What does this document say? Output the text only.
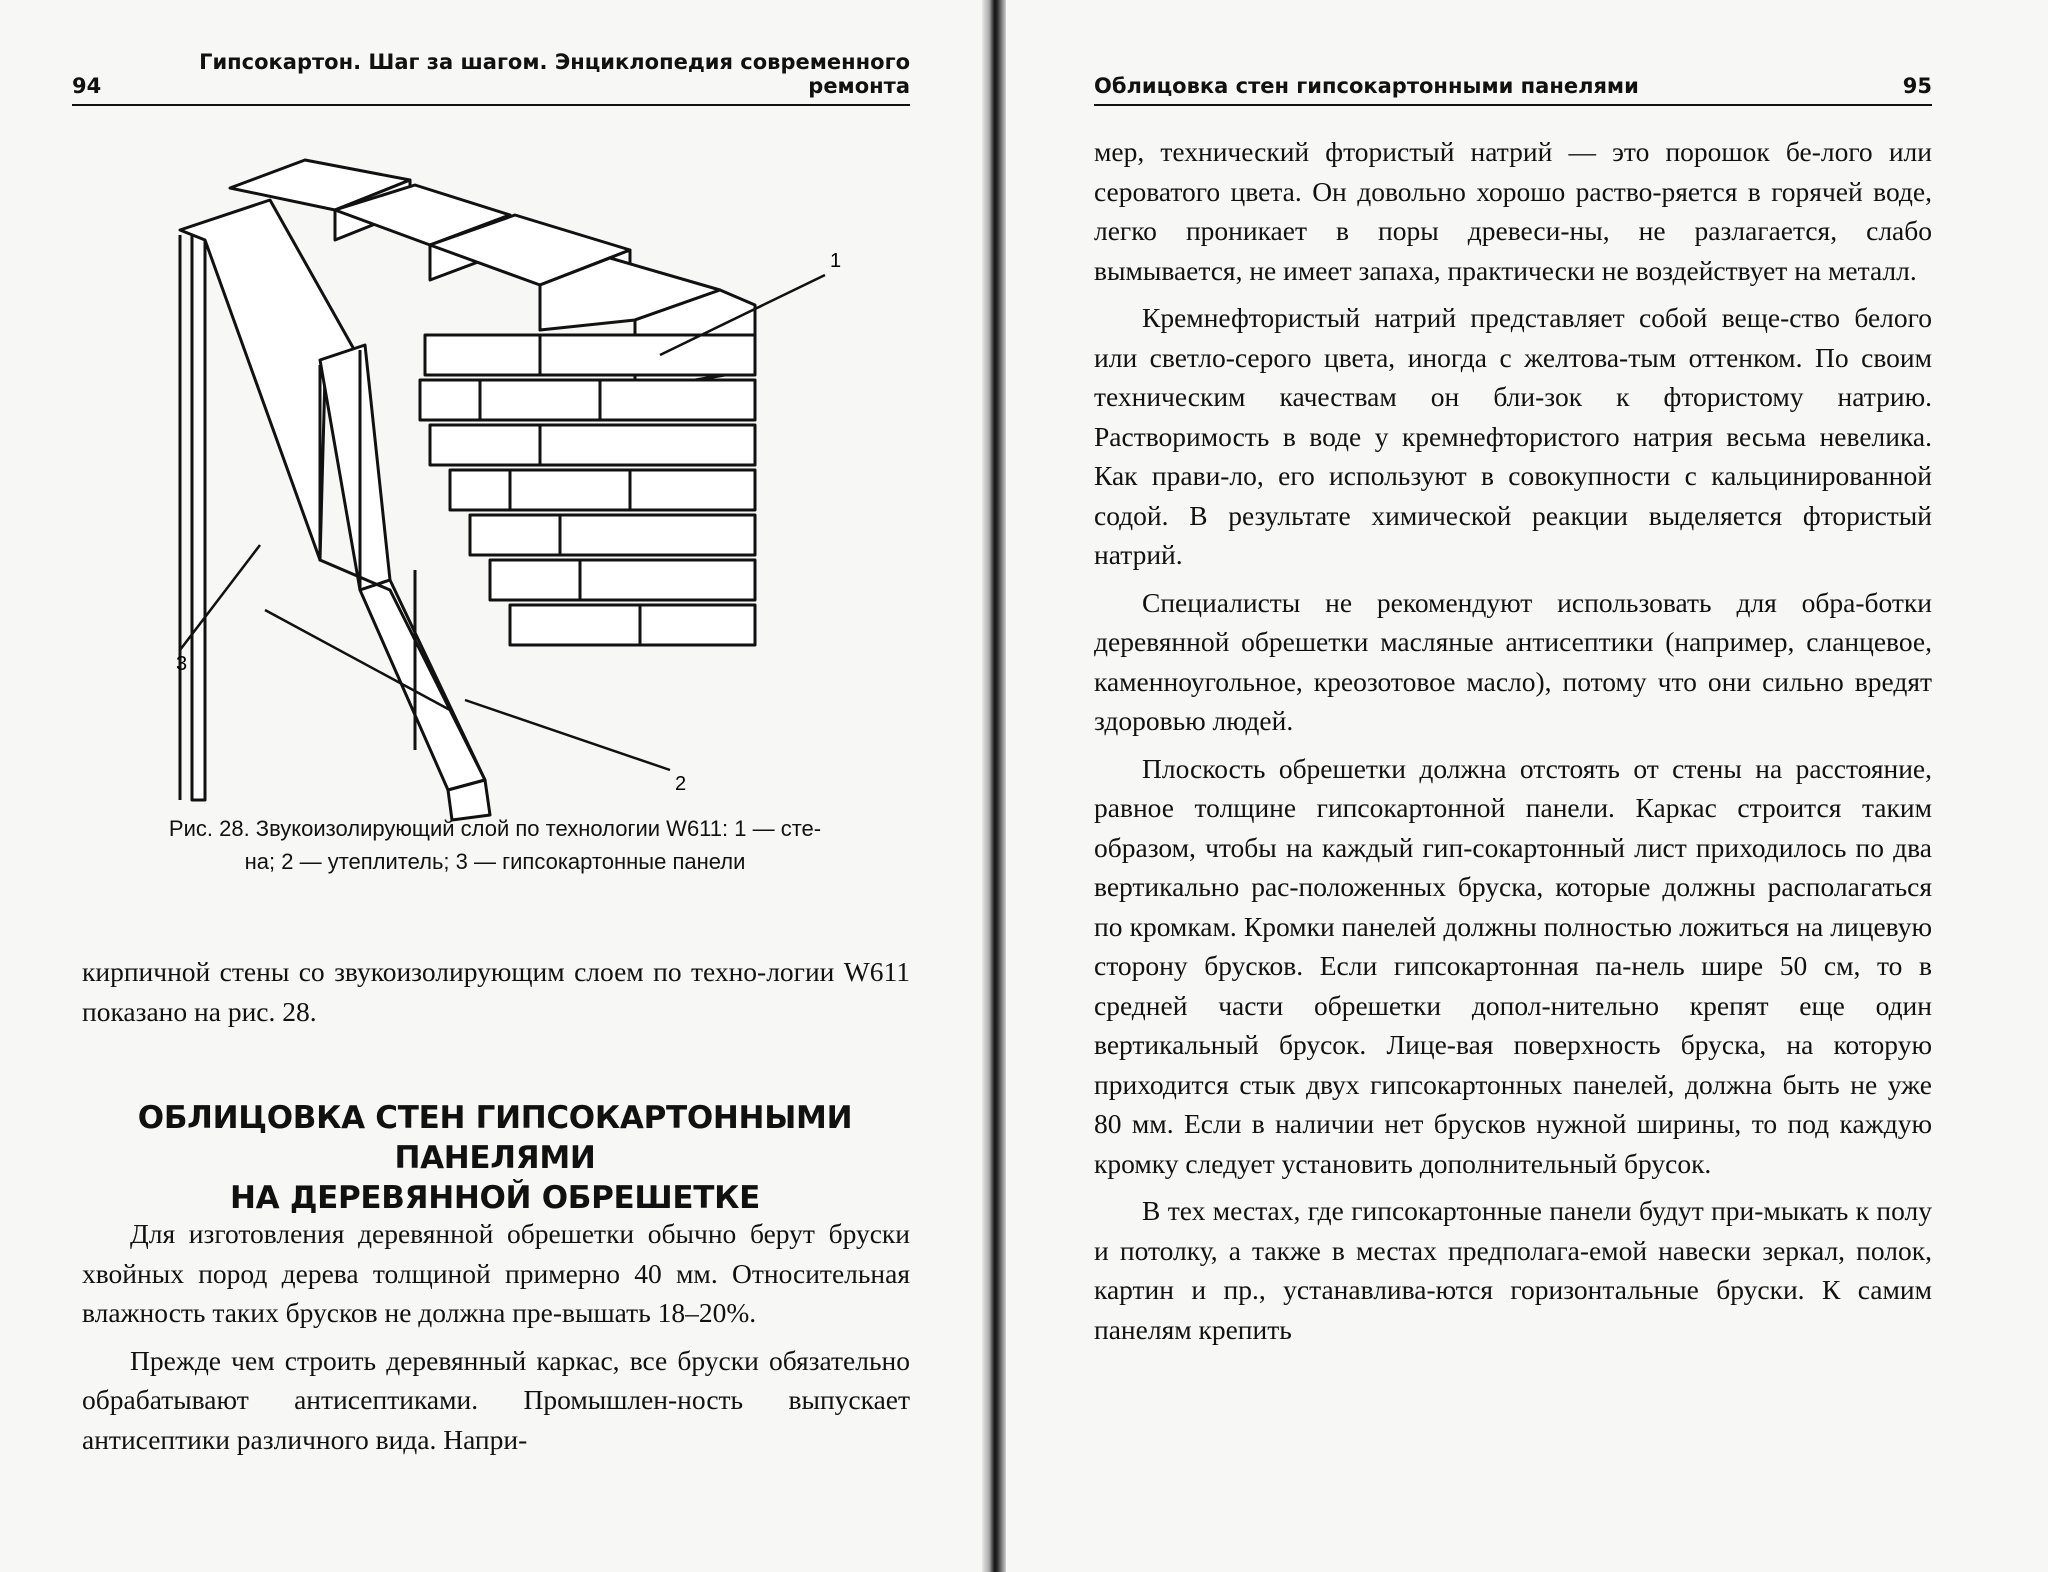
94
Гипсокартон. Шаг за шагом. Энциклопедия современного ремонта
1
2
3
Рис. 28. Звукоизолирующий слой по технологии W611: 1 — сте-
на; 2 — утеплитель; 3 — гипсокартонные панели

кирпичной стены со звукоизолирующим слоем по техно-логии W611 показано на рис. 28.

ОБЛИЦОВКА СТЕН ГИПСОКАРТОННЫМИ ПАНЕЛЯМИ
НА ДЕРЕВЯННОЙ ОБРЕШЕТКЕ

Для изготовления деревянной обрешетки обычно берут бруски хвойных пород дерева толщиной примерно 40 мм. Относительная влажность таких брусков не должна пре-вышать 18–20%.

Прежде чем строить деревянный каркас, все бруски обязательно обрабатывают антисептиками. Промышлен-ность выпускает антисептики различного вида. Напри-

Облицовка стен гипсокартонными панелями	95

мер, технический фтористый натрий — это порошок бе-лого или сероватого цвета. Он довольно хорошо раство-ряется в горячей воде, легко проникает в поры древеси-ны, не разлагается, слабо вымывается, не имеет запаха, практически не воздействует на металл.

Кремнефтористый натрий представляет собой веще-ство белого или светло-серого цвета, иногда с желтова-тым оттенком. По своим техническим качествам он бли-зок к фтористому натрию. Растворимость в воде у кремнефтористого натрия весьма невелика. Как прави-ло, его используют в совокупности с кальцинированной содой. В результате химической реакции выделяется фтористый натрий.

Специалисты не рекомендуют использовать для обра-ботки деревянной обрешетки масляные антисептики (например, сланцевое, каменноугольное, креозотовое масло), потому что они сильно вредят здоровью людей.

Плоскость обрешетки должна отстоять от стены на расстояние, равное толщине гипсокартонной панели. Каркас строится таким образом, чтобы на каждый гип-сокартонный лист приходилось по два вертикально рас-положенных бруска, которые должны располагаться по кромкам. Кромки панелей должны полностью ложиться на лицевую сторону брусков. Если гипсокартонная па-нель шире 50 см, то в средней части обрешетки допол-нительно крепят еще один вертикальный брусок. Лице-вая поверхность бруска, на которую приходится стык двух гипсокартонных панелей, должна быть не уже 80 мм. Если в наличии нет брусков нужной ширины, то под каждую кромку следует установить дополнительный брусок.

В тех местах, где гипсокартонные панели будут при-мыкать к полу и потолку, а также в местах предполага-емой навески зеркал, полок, картин и пр., устанавлива-ются горизонтальные бруски. К самим панелям крепить
